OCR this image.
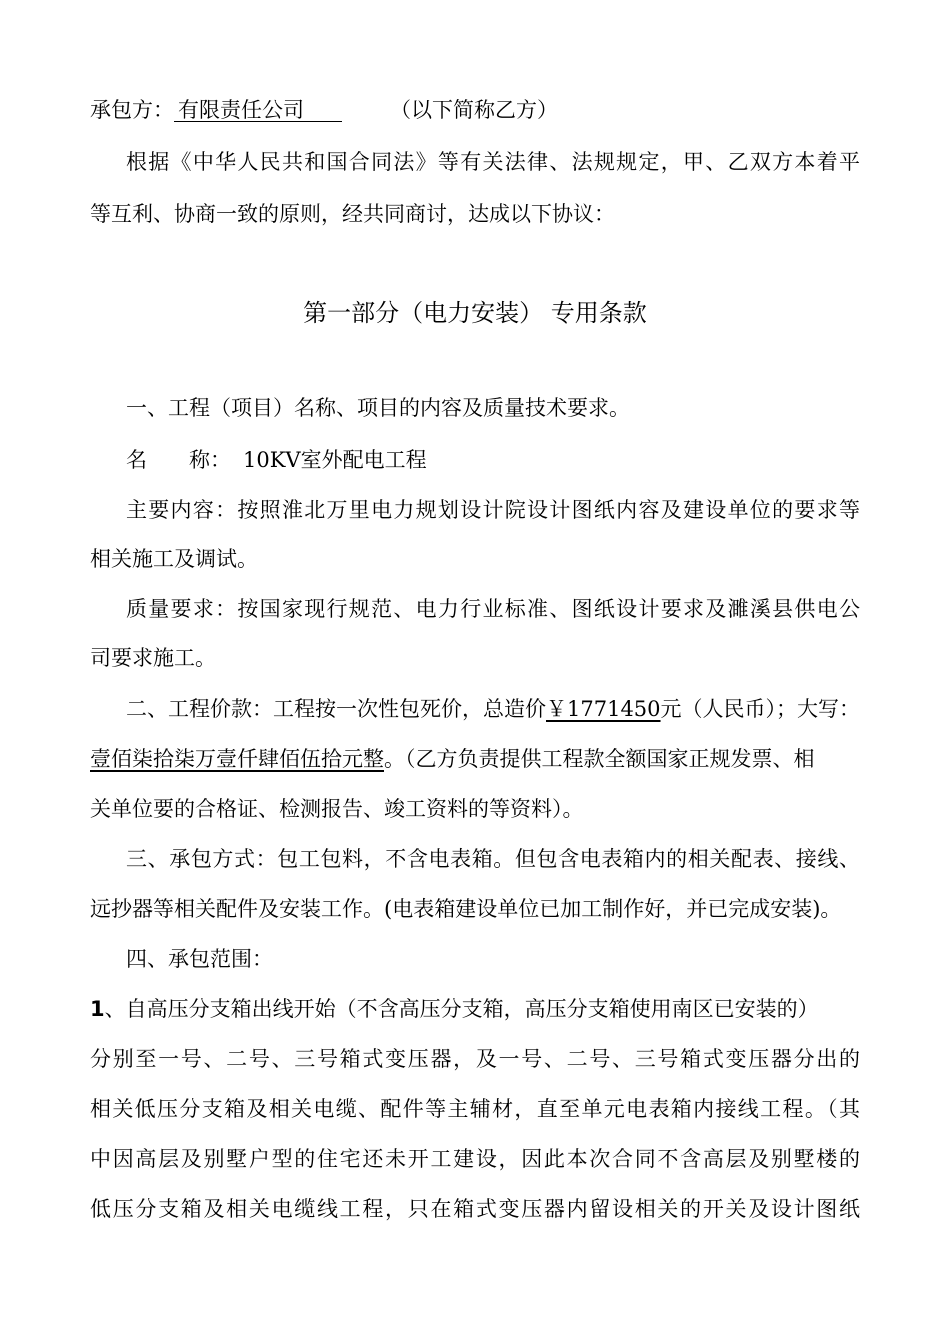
承包方： 有限责任公司	（以下简称乙方）
根据《中华人民共和国合同法》等有关法律、法规规定，甲、乙双方本着平
等互利、协商一致的原则，经共同商讨，达成以下协议：
第一部分（电力安装） 专用条款
一、工程（项目）名称、项目的内容及质量技术要求。
名　　称： 10KV室外配电工程
主要内容：按照淮北万里电力规划设计院设计图纸内容及建设单位的要求等
相关施工及调试。
质量要求：按国家现行规范、电力行业标准、图纸设计要求及濉溪县供电公
司要求施工。
二、工程价款：工程按一次性包死价，总造价￥1771450元（人民币）；大写：
壹佰柒拾柒万壹仟肆佰伍拾元整。（乙方负责提供工程款全额国家正规发票、相
关单位要的合格证、检测报告、竣工资料的等资料）。
三、承包方式：包工包料，不含电表箱。但包含电表箱内的相关配表、接线、
远抄器等相关配件及安装工作。(电表箱建设单位已加工制作好，并已完成安装)。
四、承包范围：
1、自高压分支箱出线开始（不含高压分支箱，高压分支箱使用南区已安装的）
分别至一号、二号、三号箱式变压器，及一号、二号、三号箱式变压器分出的
相关低压分支箱及相关电缆、配件等主辅材，直至单元电表箱内接线工程。（其
中因高层及别墅户型的住宅还未开工建设，因此本次合同不含高层及别墅楼的
低压分支箱及相关电缆线工程，只在箱式变压器内留设相关的开关及设计图纸
